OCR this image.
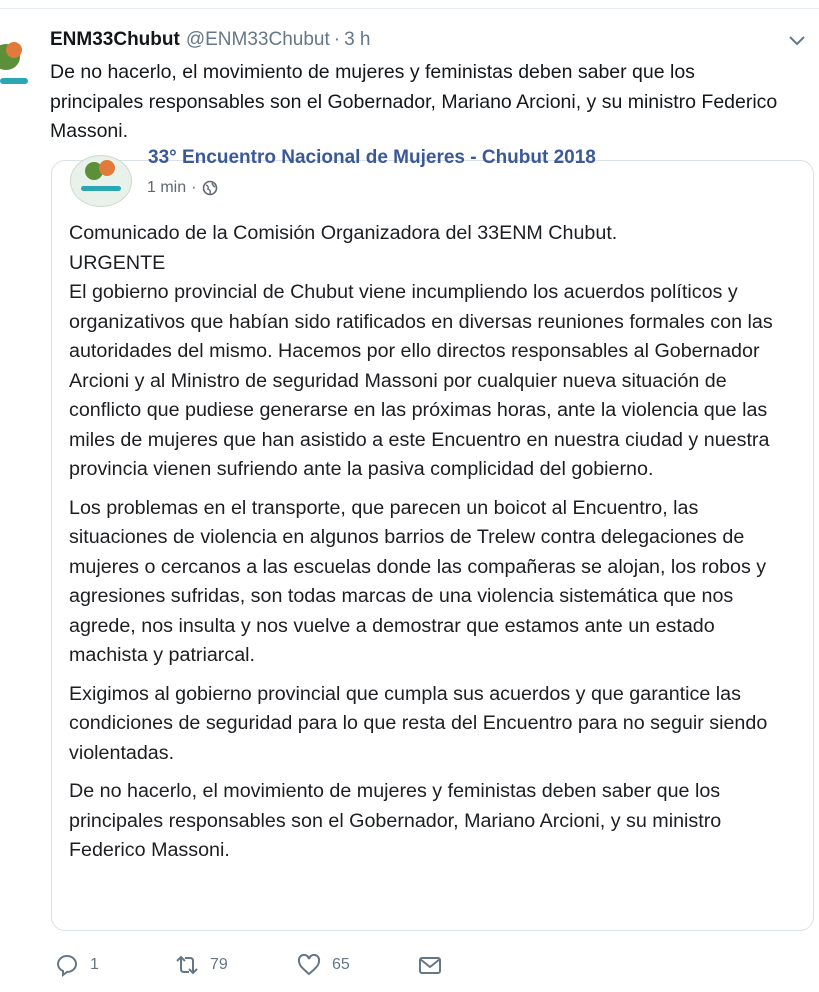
ENM33Chubut @ENM33Chubut · 3 h
De no hacerlo, el movimiento de mujeres y feministas deben saber que los principales responsables son el Gobernador, Mariano Arcioni, y su ministro Federico Massoni.
33° Encuentro Nacional de Mujeres - Chubut 2018
1 min ·

Comunicado de la Comisión Organizadora del 33ENM Chubut.
URGENTE
El gobierno provincial de Chubut viene incumpliendo los acuerdos políticos y organizativos que habían sido ratificados en diversas reuniones formales con las autoridades del mismo. Hacemos por ello directos responsables al Gobernador Arcioni y al Ministro de seguridad Massoni por cualquier nueva situación de conflicto que pudiese generarse en las próximas horas, ante la violencia que las miles de mujeres que han asistido a este Encuentro en nuestra ciudad y nuestra provincia vienen sufriendo ante la pasiva complicidad del gobierno.

Los problemas en el transporte, que parecen un boicot al Encuentro, las situaciones de violencia en algunos barrios de Trelew contra delegaciones de mujeres o cercanos a las escuelas donde las compañeras se alojan, los robos y agresiones sufridas, son todas marcas de una violencia sistemática que nos agrede, nos insulta y nos vuelve a demostrar que estamos ante un estado machista y patriarcal.

Exigimos al gobierno provincial que cumpla sus acuerdos y que garantice las condiciones de seguridad para lo que resta del Encuentro para no seguir siendo violentadas.

De no hacerlo, el movimiento de mujeres y feministas deben saber que los principales responsables son el Gobernador, Mariano Arcioni, y su ministro Federico Massoni.

1	79	65
